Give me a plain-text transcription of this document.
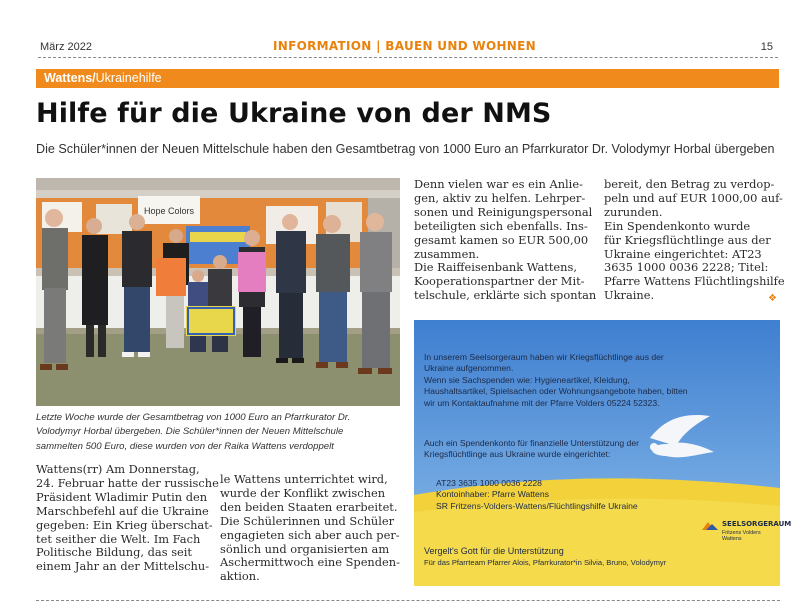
März 2022	INFORMATION | BAUEN UND WOHNEN	15
Wattens/Ukrainehilfe
Hilfe für die Ukraine von der NMS
Die Schüler*innen der Neuen Mittelschule haben den Gesamtbetrag von 1000 Euro an Pfarrkurator Dr. Volodymyr Horbal übergeben
Hope Colors
Letzte Woche wurde der Gesamtbetrag von 1000 Euro an Pfarrkurator Dr.
Volodymyr Horbal übergeben. Die Schüler*innen der Neuen Mittelschule
sammelten 500 Euro, diese wurden von der Raika Wattens verdoppelt
Wattens(rr) Am Donnerstag,
24. Februar hatte der russische
Präsident Wladimir Putin den
Marschbefehl auf die Ukraine
gegeben: Ein Krieg überschat-
tet seither die Welt. Im Fach
Politische Bildung, das seit
einem Jahr an der Mittelschu-
le Wattens unterrichtet wird,
wurde der Konflikt zwischen
den beiden Staaten erarbeitet.
Die Schülerinnen und Schüler
engagieten sich aber auch per-
sönlich und organisierten am
Aschermittwoch eine Spenden-
aktion.
Denn vielen war es ein Anlie-
gen, aktiv zu helfen. Lehrper-
sonen und Reinigungspersonal
beteiligten sich ebenfalls. Ins-
gesamt kamen so EUR 500,00
zusammen.
Die Raiffeisenbank Wattens,
Kooperationspartner der Mit-
telschule, erklärte sich spontan
bereit, den Betrag zu verdop-
peln und auf EUR 1000,00 auf-
zurunden.
Ein Spendenkonto wurde
für Kriegsflüchtlinge aus der
Ukraine eingerichtet: AT23
3635 1000 0036 2228; Titel:
Pfarre Wattens Flüchtlingshilfe
Ukraine.	❖
In unserem Seelsorgeraum haben wir Kriegsflüchtlinge aus der
Ukraine aufgenommen.
Wenn sie Sachspenden wie: Hygieneartikel, Kleidung,
Haushaltsartikel, Spielsachen oder Wohnungsangebote haben, bitten
wir um Kontaktaufnahme mit der Pfarre Volders 05224 52323.
Auch ein Spendenkonto für finanzielle Unterstützung der
Kriegsflüchtlinge aus Ukraine wurde eingerichtet:
AT23 3635 1000 0036 2228
Kontoinhaber: Pfarre Wattens
SR Fritzens-Volders-Wattens/Flüchtlingshilfe Ukraine
Vergelt's Gott für die Unterstützung
Für das Pfarrteam Pfarrer Alois, Pfarrkurator*in Silvia, Bruno, Volodymyr
SEELSORGERAUM
Fritzens Volders Wattens
